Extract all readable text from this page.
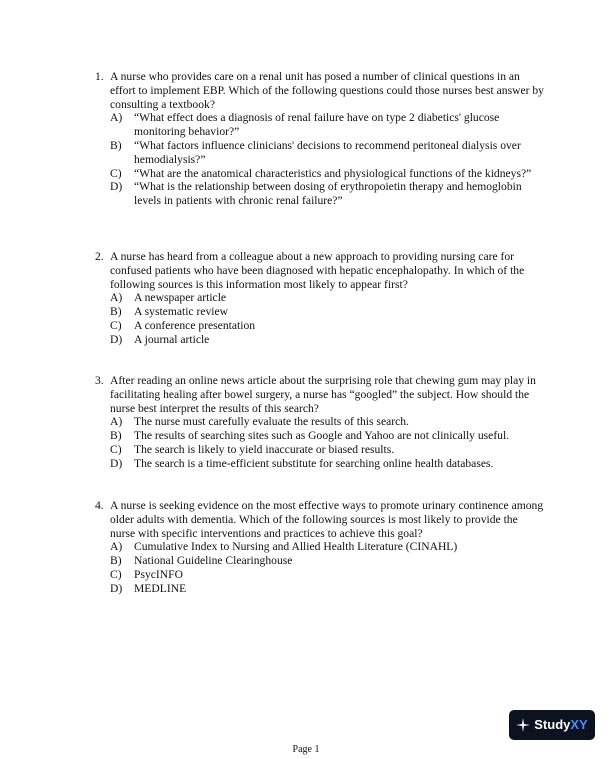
1. A nurse who provides care on a renal unit has posed a number of clinical questions in an effort to implement EBP. Which of the following questions could those nurses best answer by consulting a textbook?
A)	“What effect does a diagnosis of renal failure have on type 2 diabetics' glucose monitoring behavior?”
B)	“What factors influence clinicians' decisions to recommend peritoneal dialysis over hemodialysis?”
C)	“What are the anatomical characteristics and physiological functions of the kidneys?”
D)	“What is the relationship between dosing of erythropoietin therapy and hemoglobin levels in patients with chronic renal failure?”
2. A nurse has heard from a colleague about a new approach to providing nursing care for confused patients who have been diagnosed with hepatic encephalopathy. In which of the following sources is this information most likely to appear first?
A)	A newspaper article
B)	A systematic review
C)	A conference presentation
D)	A journal article
3. After reading an online news article about the surprising role that chewing gum may play in facilitating healing after bowel surgery, a nurse has “googled” the subject. How should the nurse best interpret the results of this search?
A)	The nurse must carefully evaluate the results of this search.
B)	The results of searching sites such as Google and Yahoo are not clinically useful.
C)	The search is likely to yield inaccurate or biased results.
D)	The search is a time-efficient substitute for searching online health databases.
4. A nurse is seeking evidence on the most effective ways to promote urinary continence among older adults with dementia. Which of the following sources is most likely to provide the nurse with specific interventions and practices to achieve this goal?
A)	Cumulative Index to Nursing and Allied Health Literature (CINAHL)
B)	National Guideline Clearinghouse
C)	PsycINFO
D)	MEDLINE
StudyXY
Page 1
